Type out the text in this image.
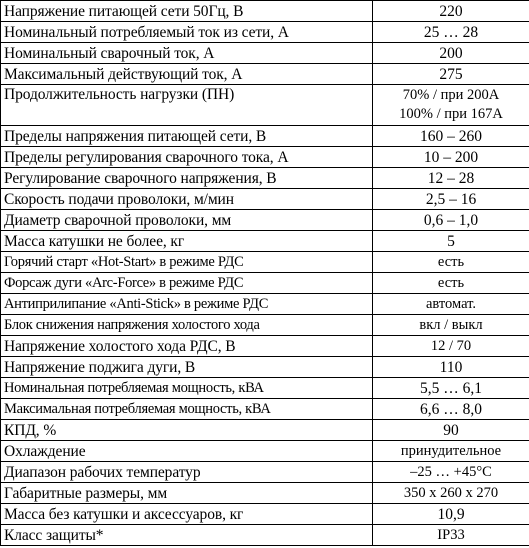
Напряжение питающей сети 50Гц, В	220
Номинальный потребляемый ток из сети, А	25 … 28
Номинальный сварочный ток, А	200
Максимальный действующий ток, А	275
Продолжительность нагрузки (ПН)	70% / при 200А
100% / при 167А

Пределы напряжения питающей сети, В	160 – 260
Пределы регулирования сварочного тока, А	10 – 200
Регулирование сварочного напряжения, В	12 – 28
Скорость подачи проволоки, м/мин	2,5 – 16
Диаметр сварочной проволоки, мм	0,6 – 1,0
Масса катушки не более, кг	5
Горячий старт «Hot-Start» в режиме РДС	есть
Форсаж дуги «Arc-Force» в режиме РДС	есть
Антиприлипание «Anti-Stick» в режиме РДС	автомат.
Блок снижения напряжения холостого хода	вкл / выкл
Напряжение холостого хода РДС, В	12 / 70
Напряжение поджига дуги, В	110
Номинальная потребляемая мощность, кВА	5,5 … 6,1
Максимальная потребляемая мощность, кВА	6,6 … 8,0
КПД, %	90
Охлаждение	принудительное
Диапазон рабочих температур	–25 … +45°С
Габаритные размеры, мм	350 х 260 х 270
Масса без катушки и аксессуаров, кг	10,9
Класс защиты*	IP33
